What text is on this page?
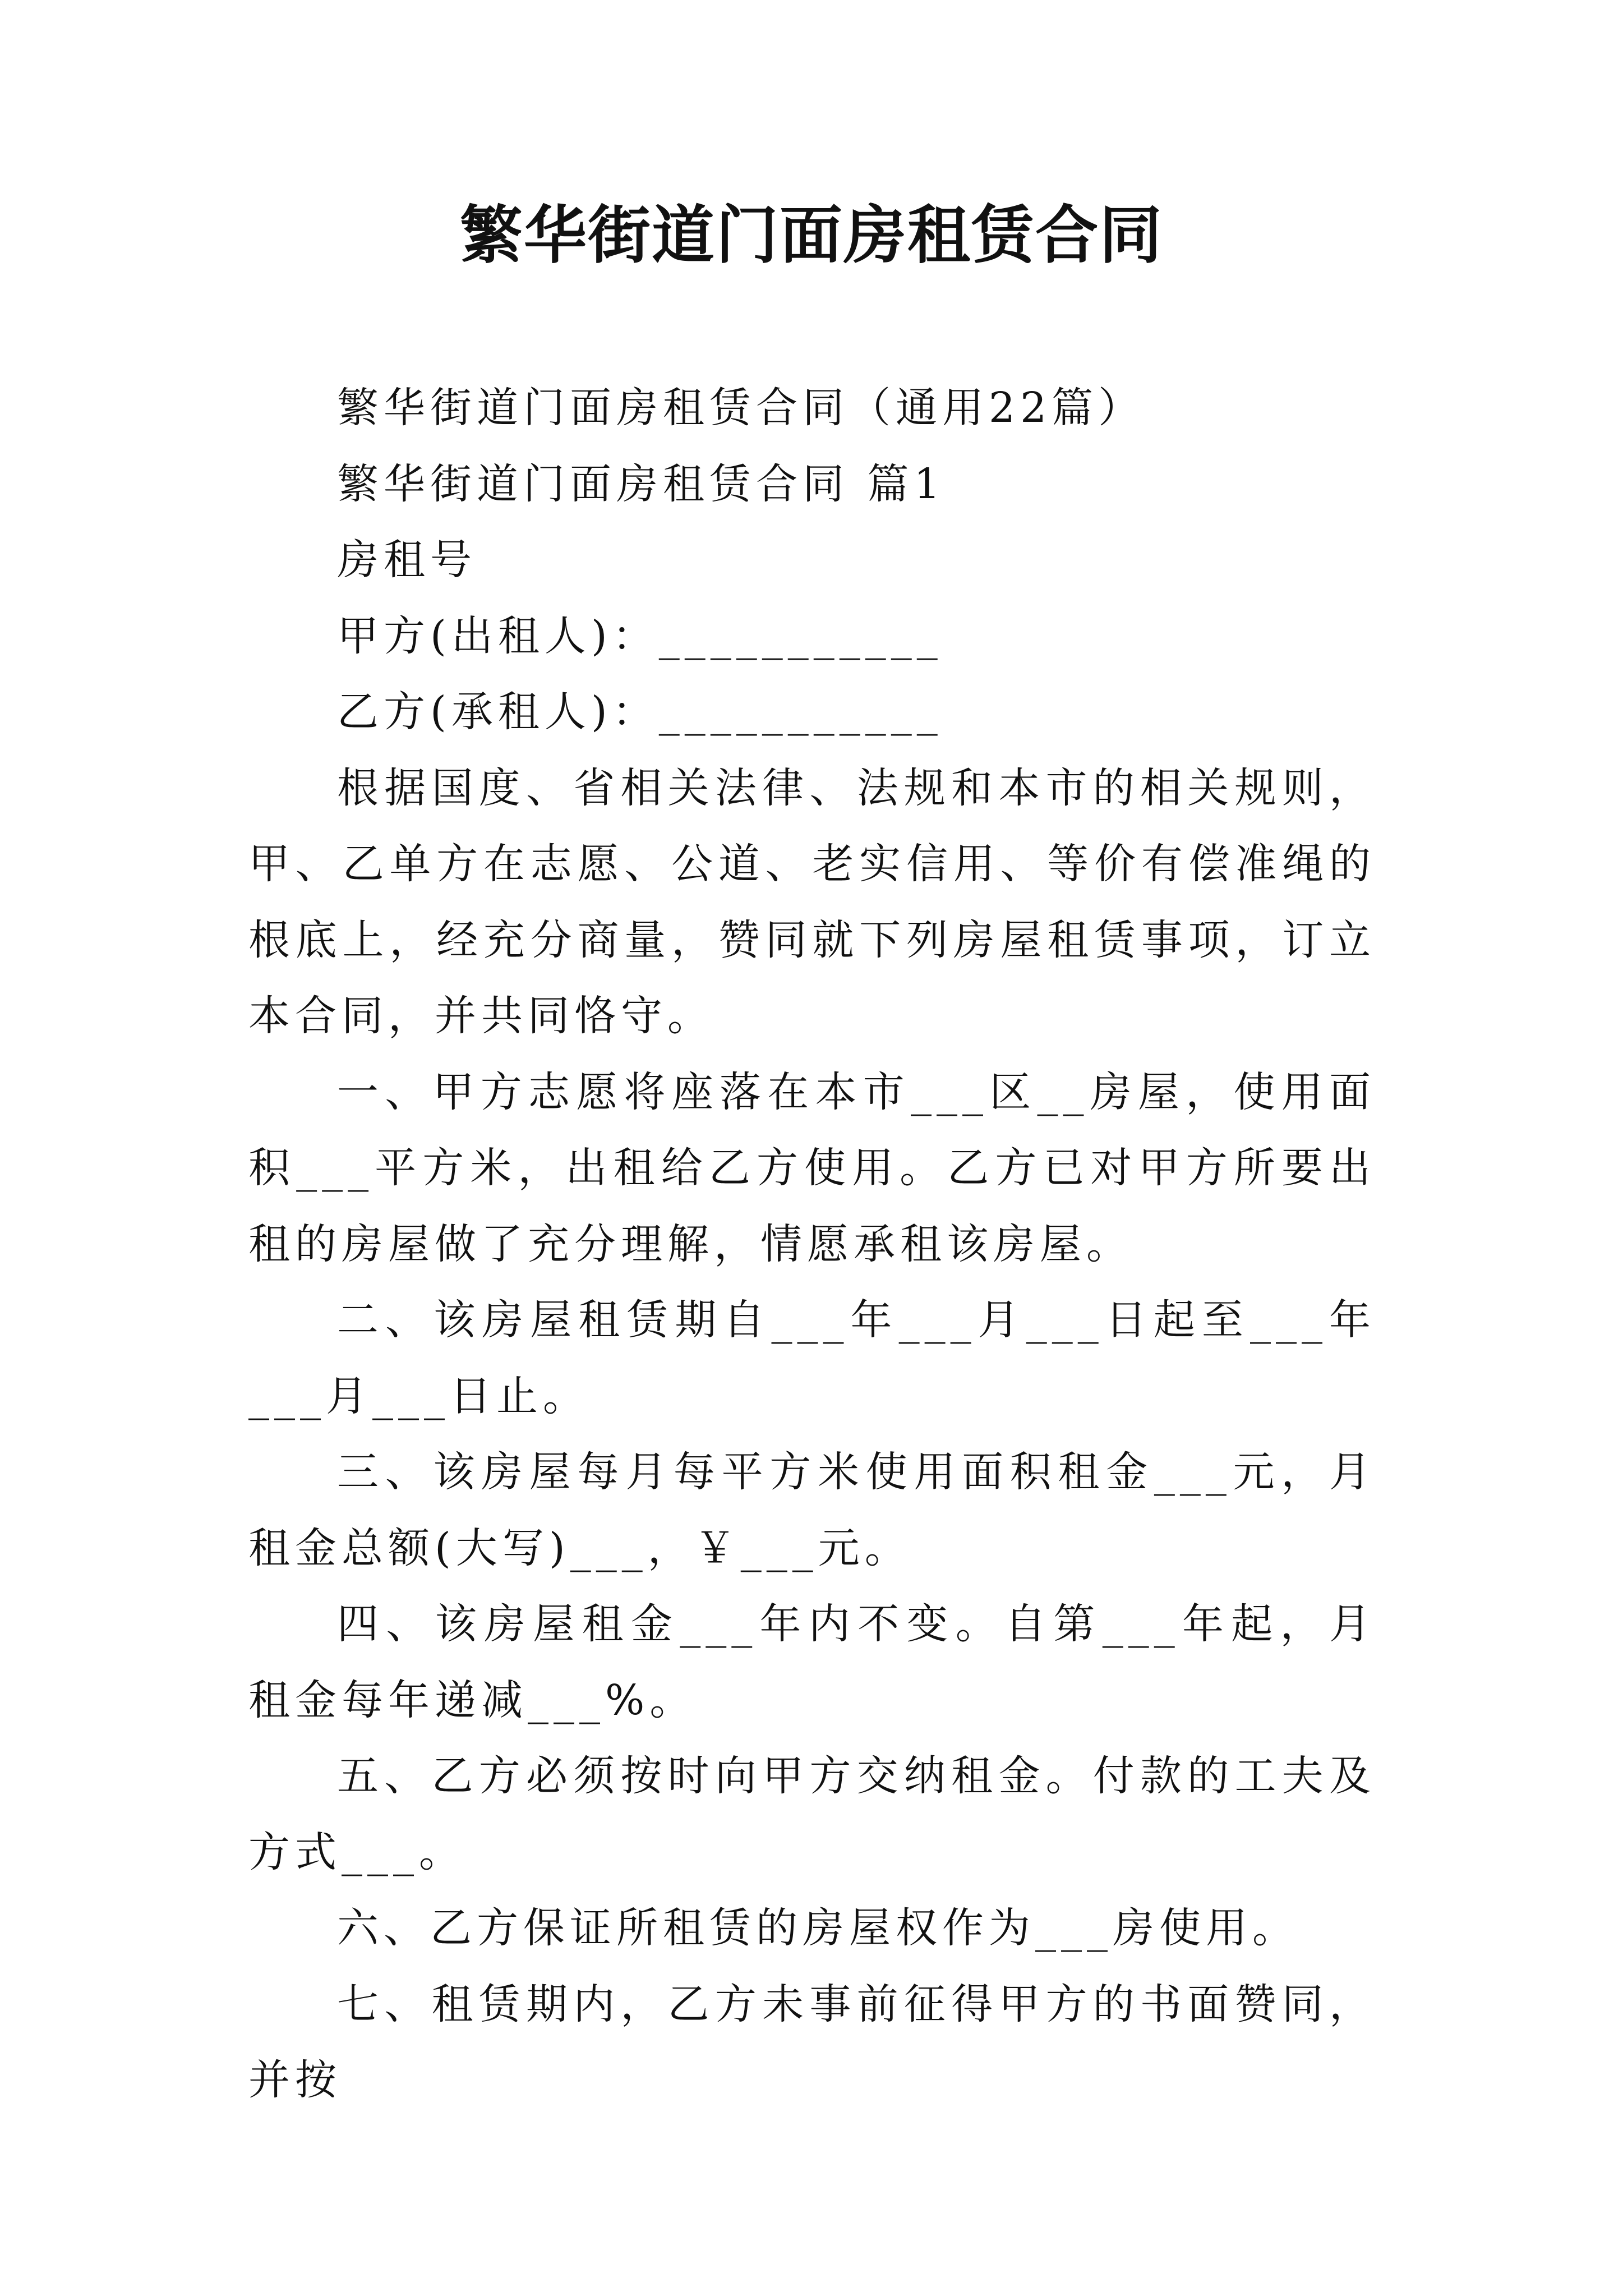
繁华街道门面房租赁合同

繁华街道门面房租赁合同（通用22篇）

繁华街道门面房租赁合同 篇1

房租号

甲方(出租人)：___________

乙方(承租人)：___________

根据国度、省相关法律、法规和本市的相关规则，甲、乙单方在志愿、公道、老实信用、等价有偿准绳的根底上，经充分商量，赞同就下列房屋租赁事项，订立本合同，并共同恪守。

一、甲方志愿将座落在本市___区__房屋，使用面积___平方米，出租给乙方使用。乙方已对甲方所要出租的房屋做了充分理解，情愿承租该房屋。

二、该房屋租赁期自___年___月___日起至___年___月___日止。

三、该房屋每月每平方米使用面积租金___元，月租金总额(大写)___，￥___元。

四、该房屋租金___年内不变。自第___年起，月租金每年递减___%。

五、乙方必须按时向甲方交纳租金。付款的工夫及方式___。

六、乙方保证所租赁的房屋权作为___房使用。

七、租赁期内，乙方未事前征得甲方的书面赞同，并按
